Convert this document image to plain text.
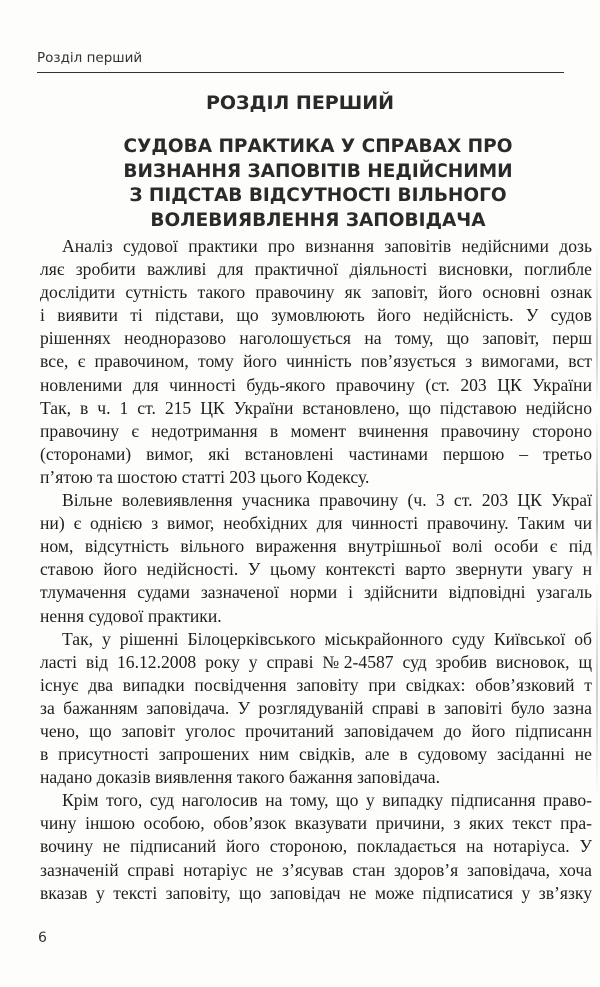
Розділ перший
РОЗДІЛ ПЕРШИЙ
СУДОВА ПРАКТИКА У СПРАВАХ ПРО
ВИЗНАННЯ ЗАПОВІТІВ НЕДІЙСНИМИ
З ПІДСТАВ ВІДСУТНОСТІ ВІЛЬНОГО
ВОЛЕВИЯВЛЕННЯ ЗАПОВІДАЧА
Аналіз судової практики про визнання заповітів недійсними дозь
ляє зробити важливі для практичної діяльності висновки, поглибле
дослідити сутність такого правочину як заповіт, його основні ознак
і виявити ті підстави, що зумовлюють його недійсність. У судов
рішеннях неодноразово наголошується на тому, що заповіт, перш
все, є правочином, тому його чинність пов’язується з вимогами, вст
новленими для чинності будь-якого правочину (ст. 203 ЦК України
Так, в ч. 1 ст. 215 ЦК України встановлено, що підставою недійсно
правочину є недотримання в момент вчинення правочину стороно
(сторонами) вимог, які встановлені частинами першою – третьо
п’ятою та шостою статті 203 цього Кодексу.
Вільне волевиявлення учасника правочину (ч. 3 ст. 203 ЦК Украї
ни) є однією з вимог, необхідних для чинності правочину. Таким чи
ном, відсутність вільного вираження внутрішньої волі особи є під
ставою його недійсності. У цьому контексті варто звернути увагу н
тлумачення судами зазначеної норми і здійснити відповідні узагаль
нення судової практики.
Так, у рішенні Білоцерківського міськрайонного суду Київської об
ласті від 16.12.2008 року у справі №2-4587 суд зробив висновок, щ
існує два випадки посвідчення заповіту при свідках: обов’язковий т
за бажанням заповідача. У розглядуваній справі в заповіті було зазна
чено, що заповіт уголос прочитаний заповідачем до його підписанн
в присутності запрошених ним свідків, але в судовому засіданні не
надано доказів виявлення такого бажання заповідача.
Крім того, суд наголосив на тому, що у випадку підписання право-
чину іншою особою, обов’язок вказувати причини, з яких текст пра-
вочину не підписаний його стороною, покладається на нотаріуса. У
зазначеній справі нотаріус не з’ясував стан здоров’я заповідача, хоча
вказав у тексті заповіту, що заповідач не може підписатися у зв’язку
6
